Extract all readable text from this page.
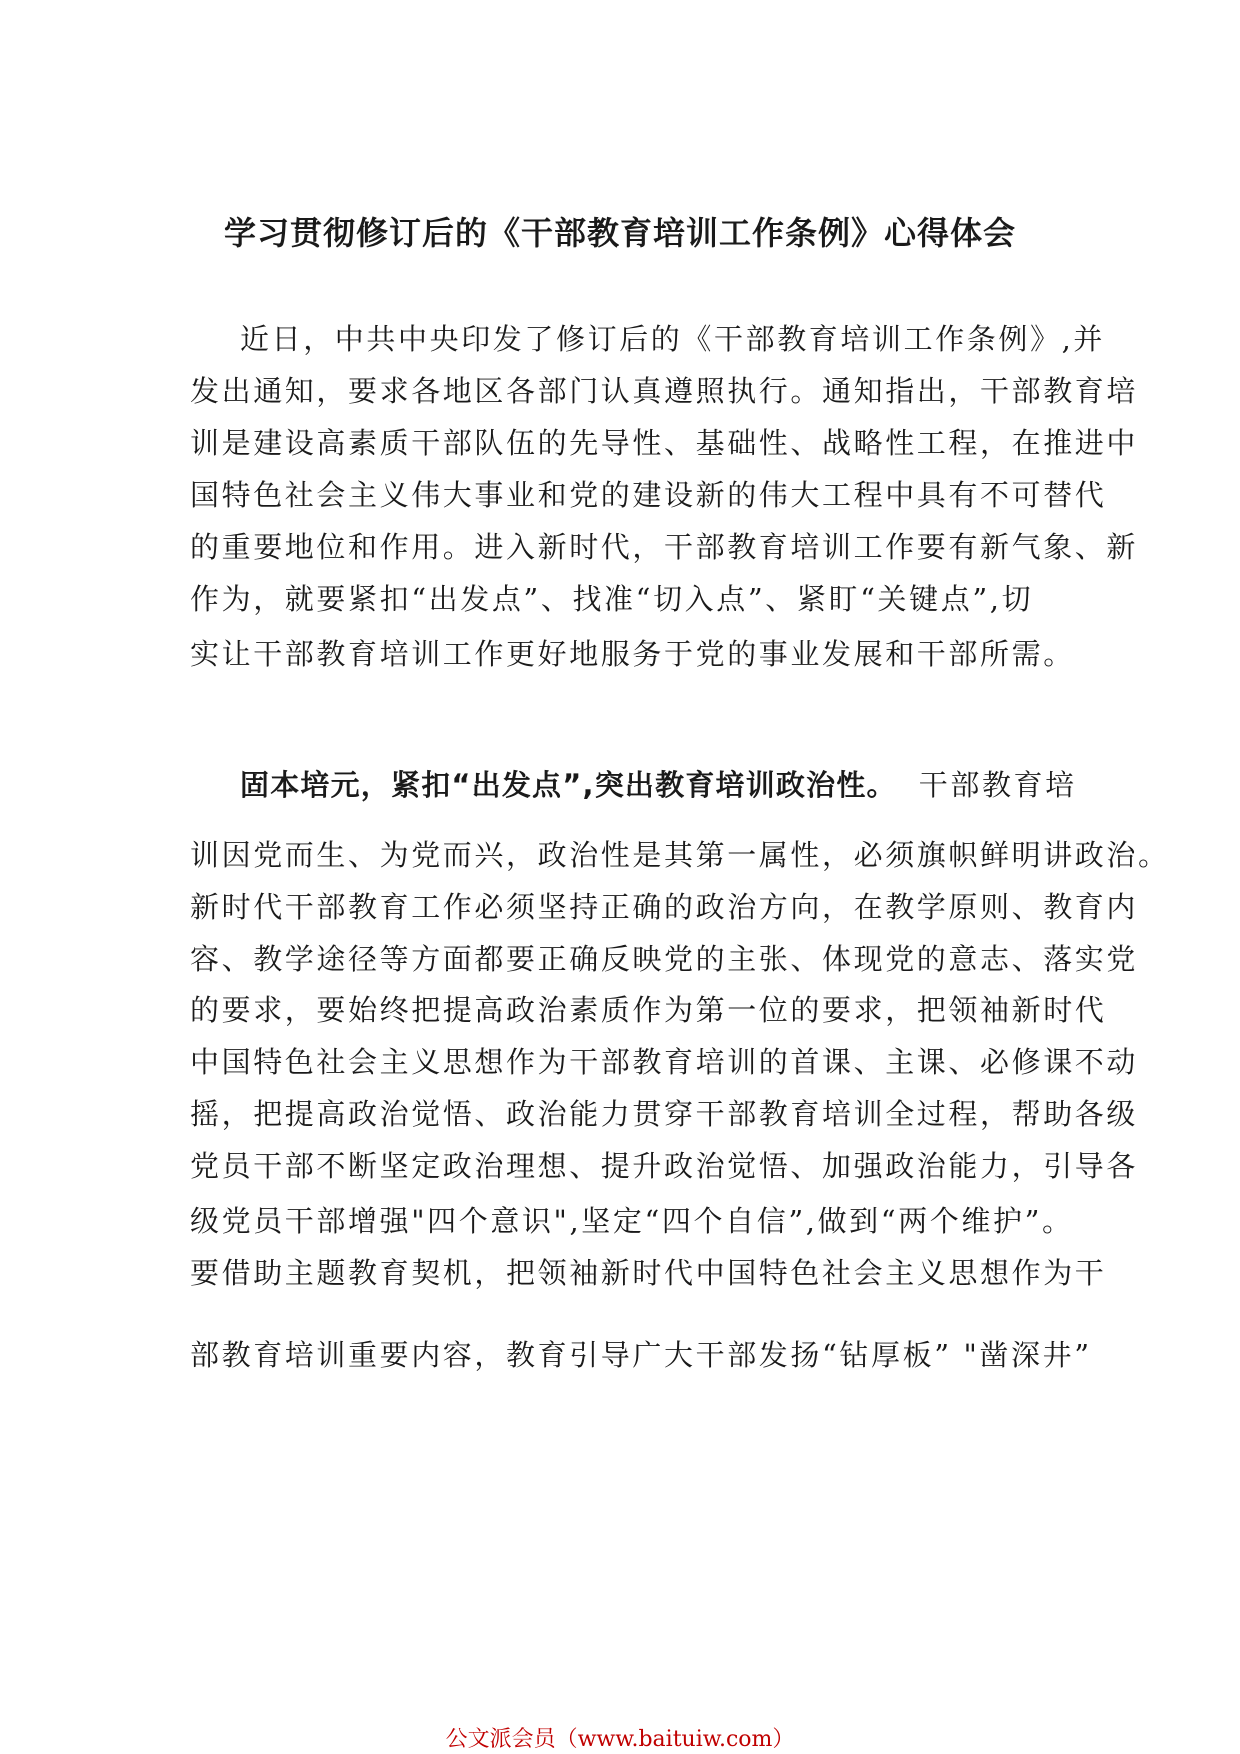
学习贯彻修订后的《干部教育培训工作条例》心得体会
近日，中共中央印发了修订后的《干部教育培训工作条例》,并
发出通知，要求各地区各部门认真遵照执行。通知指出，干部教育培
训是建设高素质干部队伍的先导性、基础性、战略性工程，在推进中
国特色社会主义伟大事业和党的建设新的伟大工程中具有不可替代
的重要地位和作用。进入新时代，干部教育培训工作要有新气象、新
作为，就要紧扣“出发点”、找准“切入点”、紧盯“关键点”,切
实让干部教育培训工作更好地服务于党的事业发展和干部所需。
固本培元，紧扣“出发点”,突出教育培训政治性。 干部教育培
训因党而生、为党而兴，政治性是其第一属性，必须旗帜鲜明讲政治。
新时代干部教育工作必须坚持正确的政治方向，在教学原则、教育内
容、教学途径等方面都要正确反映党的主张、体现党的意志、落实党
的要求，要始终把提高政治素质作为第一位的要求，把领袖新时代
中国特色社会主义思想作为干部教育培训的首课、主课、必修课不动
摇，把提高政治觉悟、政治能力贯穿干部教育培训全过程，帮助各级
党员干部不断坚定政治理想、提升政治觉悟、加强政治能力，引导各
级党员干部增强"四个意识",坚定“四个自信”,做到“两个维护”。
要借助主题教育契机，把领袖新时代中国特色社会主义思想作为干
部教育培训重要内容，教育引导广大干部发扬“钻厚板” "凿深井”
公文派会员（www.baituiw.com）
